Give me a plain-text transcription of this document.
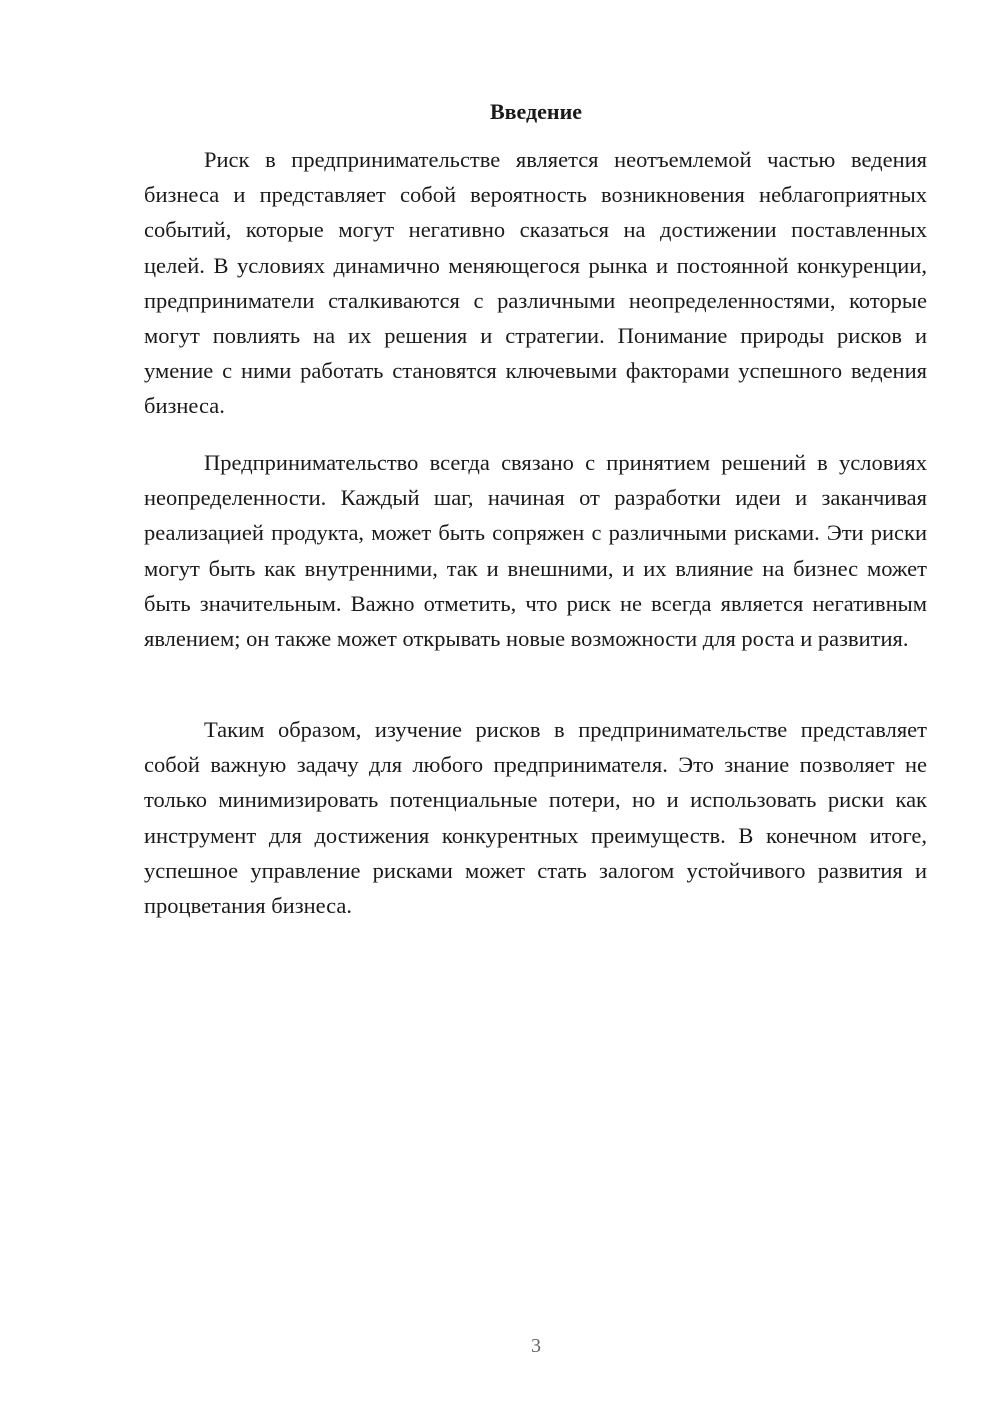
Введение

Риск в предпринимательстве является неотъемлемой частью ведения бизнеса и представляет собой вероятность возникновения неблагоприятных событий, которые могут негативно сказаться на достижении поставленных целей. В условиях динамично меняющегося рынка и постоянной конкуренции, предприниматели сталкиваются с различными неопределенностями, которые могут повлиять на их решения и стратегии. Понимание природы рисков и умение с ними работать становятся ключевыми факторами успешного ведения бизнеса.

Предпринимательство всегда связано с принятием решений в условиях неопределенности. Каждый шаг, начиная от разработки идеи и заканчивая реализацией продукта, может быть сопряжен с различными рисками. Эти риски могут быть как внутренними, так и внешними, и их влияние на бизнес может быть значительным. Важно отметить, что риск не всегда является негативным явлением; он также может открывать новые возможности для роста и развития.

Таким образом, изучение рисков в предпринимательстве представляет собой важную задачу для любого предпринимателя. Это знание позволяет не только минимизировать потенциальные потери, но и использовать риски как инструмент для достижения конкурентных преимуществ. В конечном итоге, успешное управление рисками может стать залогом устойчивого развития и процветания бизнеса.

3
